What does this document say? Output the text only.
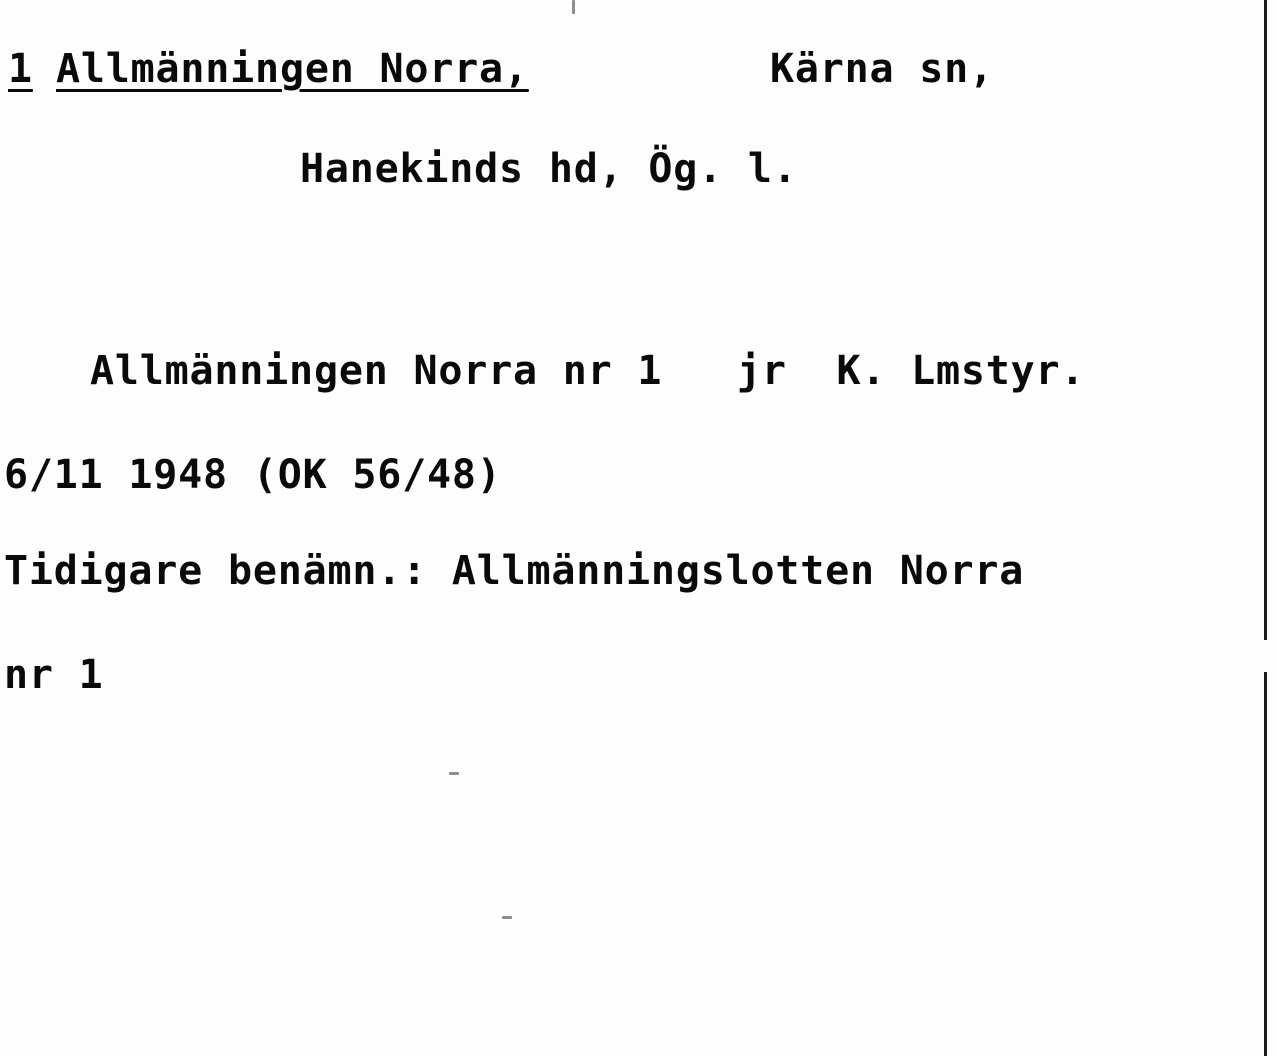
1 Allmänningen Norra,	Kärna sn,
Hanekinds hd, Ög. l.
Allmänningen Norra nr 1   jr  K. Lmstyr.
6/11 1948 (OK 56/48)
Tidigare benämn.: Allmänningslotten Norra
nr 1
